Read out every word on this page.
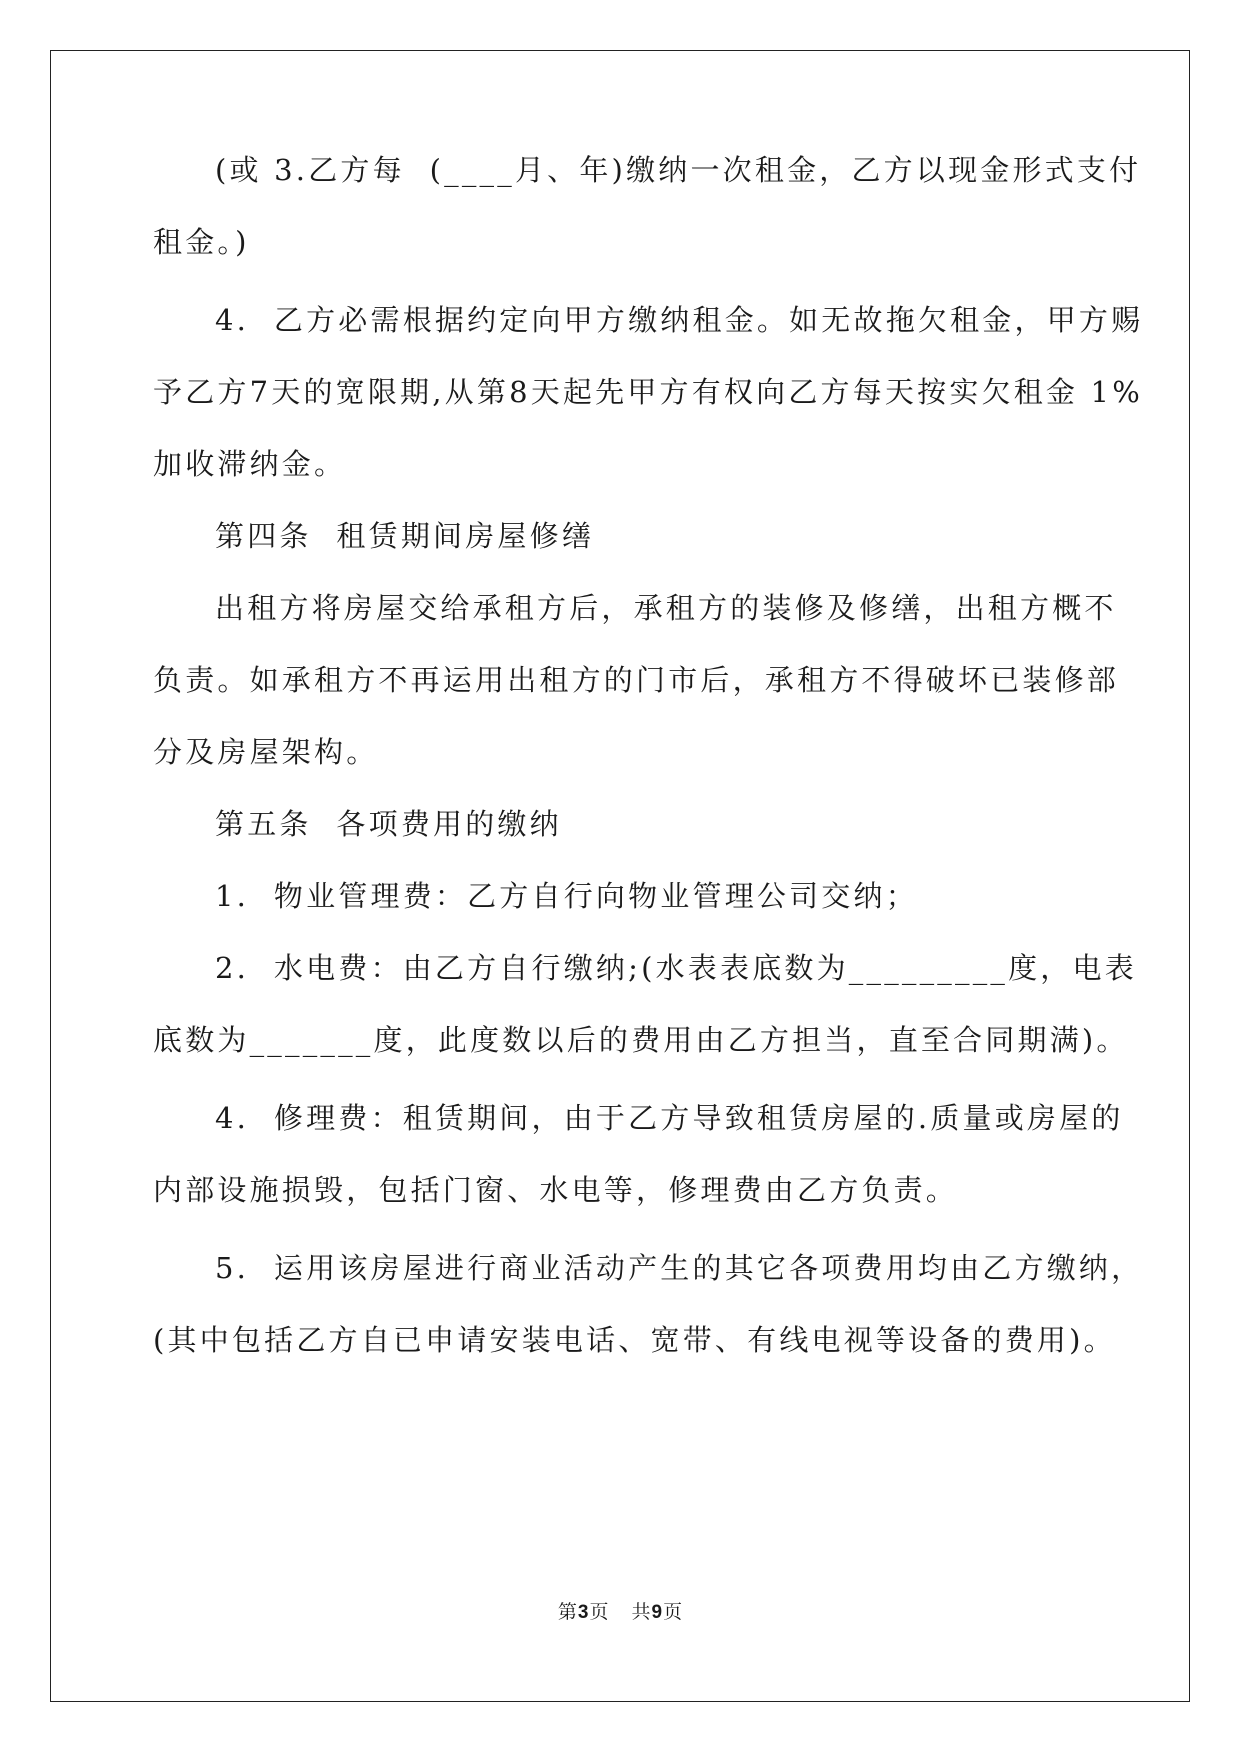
(或 3.乙方每  (____月、年)缴纳一次租金，乙方以现金形式支付
租金。)
4.  乙方必需根据约定向甲方缴纳租金。如无故拖欠租金，甲方赐
予乙方7天的宽限期,从第8天起先甲方有权向乙方每天按实欠租金 1%
加收滞纳金。
第四条  租赁期间房屋修缮
出租方将房屋交给承租方后，承租方的装修及修缮，出租方概不
负责。如承租方不再运用出租方的门市后，承租方不得破坏已装修部
分及房屋架构。
第五条  各项费用的缴纳
1.  物业管理费：乙方自行向物业管理公司交纳；
2.  水电费：由乙方自行缴纳;(水表表底数为_________度，电表
底数为_______度，此度数以后的费用由乙方担当，直至合同期满)。
4.  修理费：租赁期间，由于乙方导致租赁房屋的.质量或房屋的
内部设施损毁，包括门窗、水电等，修理费由乙方负责。
5.  运用该房屋进行商业活动产生的其它各项费用均由乙方缴纳，
(其中包括乙方自已申请安装电话、宽带、有线电视等设备的费用)。
第3页 共9页
